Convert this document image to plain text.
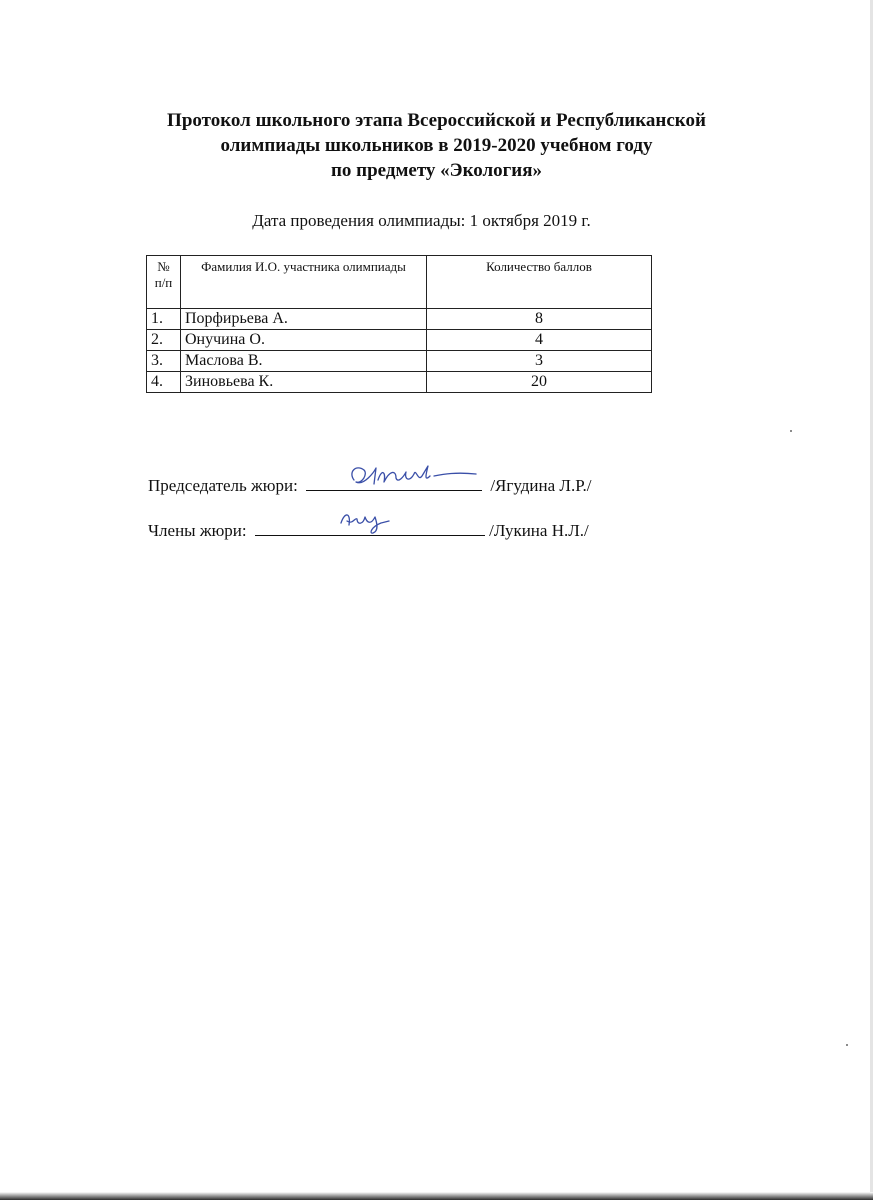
Протокол школьного этапа Всероссийской и Республиканской
олимпиады школьников в 2019-2020 учебном году
по предмету «Экология»
Дата проведения олимпиады: 1 октября 2019 г.
№ п/п	Фамилия И.О. участника олимпиады	Количество баллов
1.	Порфирьева А.	8
2.	Онучина О.	4
3.	Маслова В.	3
4.	Зиновьева К.	20
Председатель жюри:	/Ягудина Л.Р./
Члены жюри:	/Лукина Н.Л./
